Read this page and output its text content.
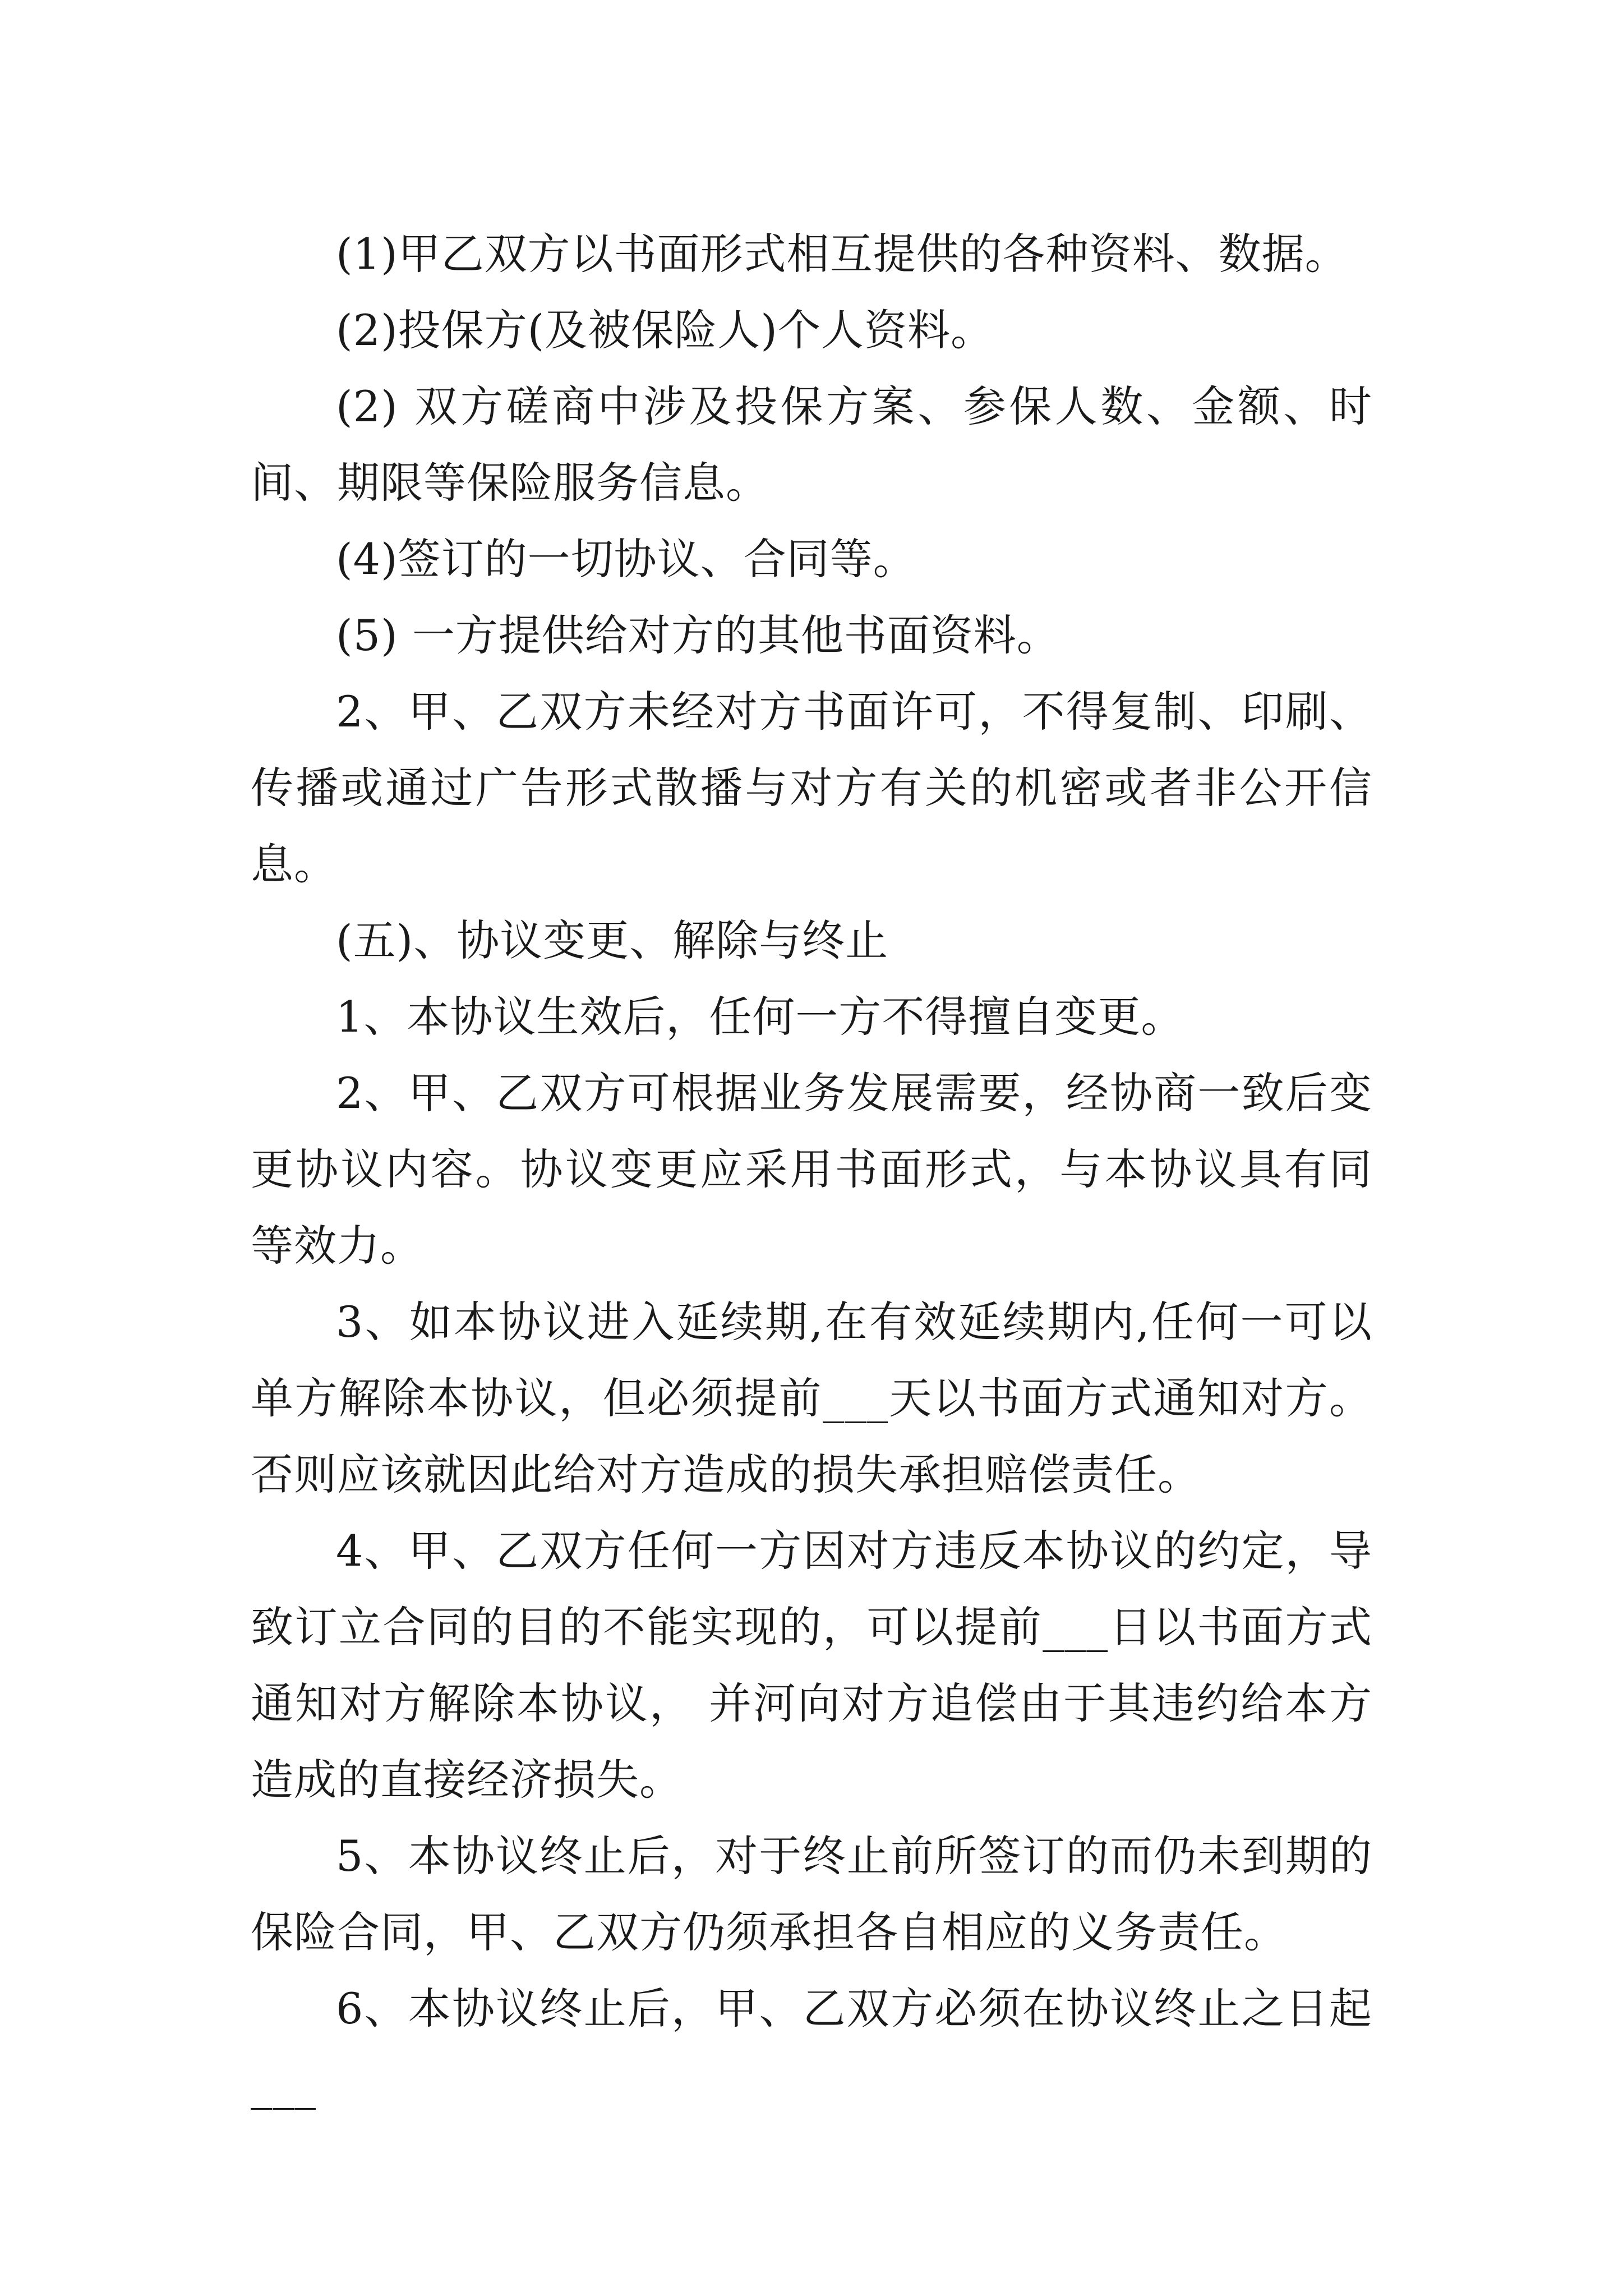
(1)甲乙双方以书面形式相互提供的各种资料、数据。

(2)投保方(及被保险人)个人资料。

(2) 双方磋商中涉及投保方案、参保人数、金额、时间、期限等保险服务信息。

(4)签订的一切协议、合同等。

(5) 一方提供给对方的其他书面资料。

2、甲、乙双方未经对方书面许可，不得复制、印刷、传播或通过广告形式散播与对方有关的机密或者非公开信息。

(五)、协议变更、解除与终止

1、本协议生效后，任何一方不得擅自变更。

2、甲、乙双方可根据业务发展需要，经协商一致后变更协议内容。协议变更应采用书面形式，与本协议具有同等效力。

3、如本协议进入延续期,在有效延续期内,任何一可以单方解除本协议，但必须提前___天以书面方式通知对方。否则应该就因此给对方造成的损失承担赔偿责任。

4、甲、乙双方任何一方因对方违反本协议的约定，导致订立合同的目的不能实现的，可以提前___日以书面方式通知对方解除本协议， 并河向对方追偿由于其违约给本方造成的直接经济损失。

5、本协议终止后，对于终止前所签订的而仍未到期的保险合同，甲、乙双方仍须承担各自相应的义务责任。

6、本协议终止后，甲、乙双方必须在协议终止之日起___
